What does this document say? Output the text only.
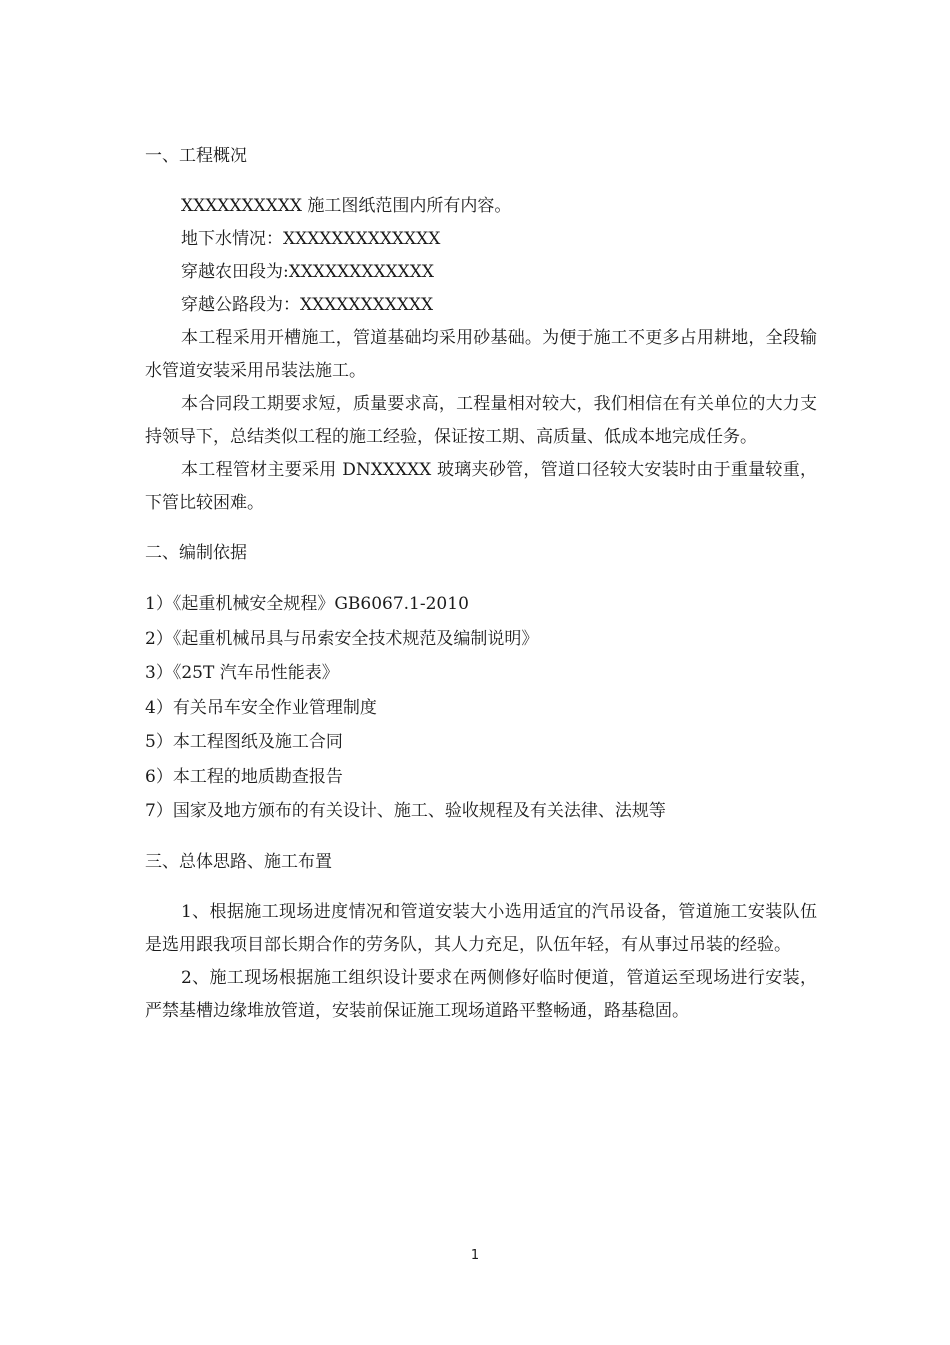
一、工程概况

XXXXXXXXXX 施工图纸范围内所有内容。

地下水情况：XXXXXXXXXXXXX

穿越农田段为:XXXXXXXXXXXX

穿越公路段为：XXXXXXXXXXX

本工程采用开槽施工，管道基础均采用砂基础。为便于施工不更多占用耕地，全段输水管道安装采用吊装法施工。

本合同段工期要求短，质量要求高，工程量相对较大，我们相信在有关单位的大力支持领导下，总结类似工程的施工经验，保证按工期、高质量、低成本地完成任务。

本工程管材主要采用 DNXXXXX 玻璃夹砂管，管道口径较大安装时由于重量较重，下管比较困难。

二、编制依据

1）《起重机械安全规程》GB6067.1-2010
2）《起重机械吊具与吊索安全技术规范及编制说明》
3）《25T 汽车吊性能表》
4）有关吊车安全作业管理制度
5）本工程图纸及施工合同
6）本工程的地质勘查报告
7）国家及地方颁布的有关设计、施工、验收规程及有关法律、法规等

三、总体思路、施工布置

1、根据施工现场进度情况和管道安装大小选用适宜的汽吊设备，管道施工安装队伍是选用跟我项目部长期合作的劳务队，其人力充足，队伍年轻，有从事过吊装的经验。

2、施工现场根据施工组织设计要求在两侧修好临时便道，管道运至现场进行安装，严禁基槽边缘堆放管道，安装前保证施工现场道路平整畅通，路基稳固。

1
